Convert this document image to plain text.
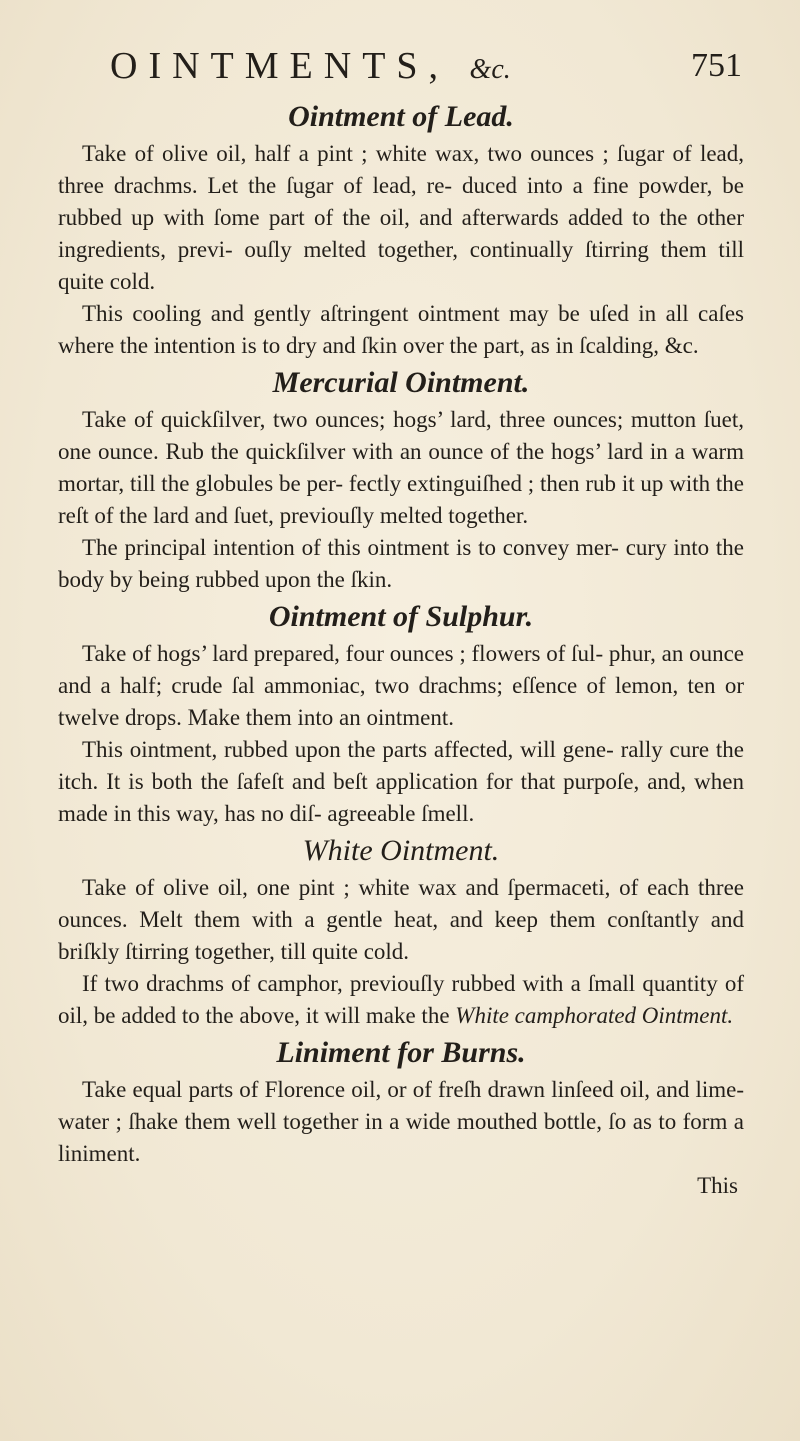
OINTMENTS, &c.	751
Ointment of Lead.

Take of olive oil, half a pint ; white wax, two ounces ; ſugar of lead, three drachms. Let the ſugar of lead, re- duced into a fine powder, be rubbed up with ſome part of the oil, and afterwards added to the other ingredients, previ- ouſly melted together, continually ſtirring them till quite cold.

This cooling and gently aſtringent ointment may be uſed in all caſes where the intention is to dry and ſkin over the part, as in ſcalding, &c.

Mercurial Ointment.

Take of quickſilver, two ounces; hogs’ lard, three ounces; mutton ſuet, one ounce. Rub the quickſilver with an ounce of the hogs’ lard in a warm mortar, till the globules be per- fectly extinguiſhed ; then rub it up with the reſt of the lard and ſuet, previouſly melted together.

The principal intention of this ointment is to convey mer- cury into the body by being rubbed upon the ſkin.

Ointment of Sulphur.

Take of hogs’ lard prepared, four ounces ; flowers of ſul- phur, an ounce and a half; crude ſal ammoniac, two drachms; eſſence of lemon, ten or twelve drops. Make them into an ointment.

This ointment, rubbed upon the parts affected, will gene- rally cure the itch. It is both the ſafeſt and beſt application for that purpoſe, and, when made in this way, has no diſ- agreeable ſmell.

White Ointment.

Take of olive oil, one pint ; white wax and ſpermaceti, of each three ounces. Melt them with a gentle heat, and keep them conſtantly and briſkly ſtirring together, till quite cold.

If two drachms of camphor, previouſly rubbed with a ſmall quantity of oil, be added to the above, it will make the White camphorated Ointment.

Liniment for Burns.

Take equal parts of Florence oil, or of freſh drawn linſeed oil, and lime-water ; ſhake them well together in a wide mouthed bottle, ſo as to form a liniment.

This
